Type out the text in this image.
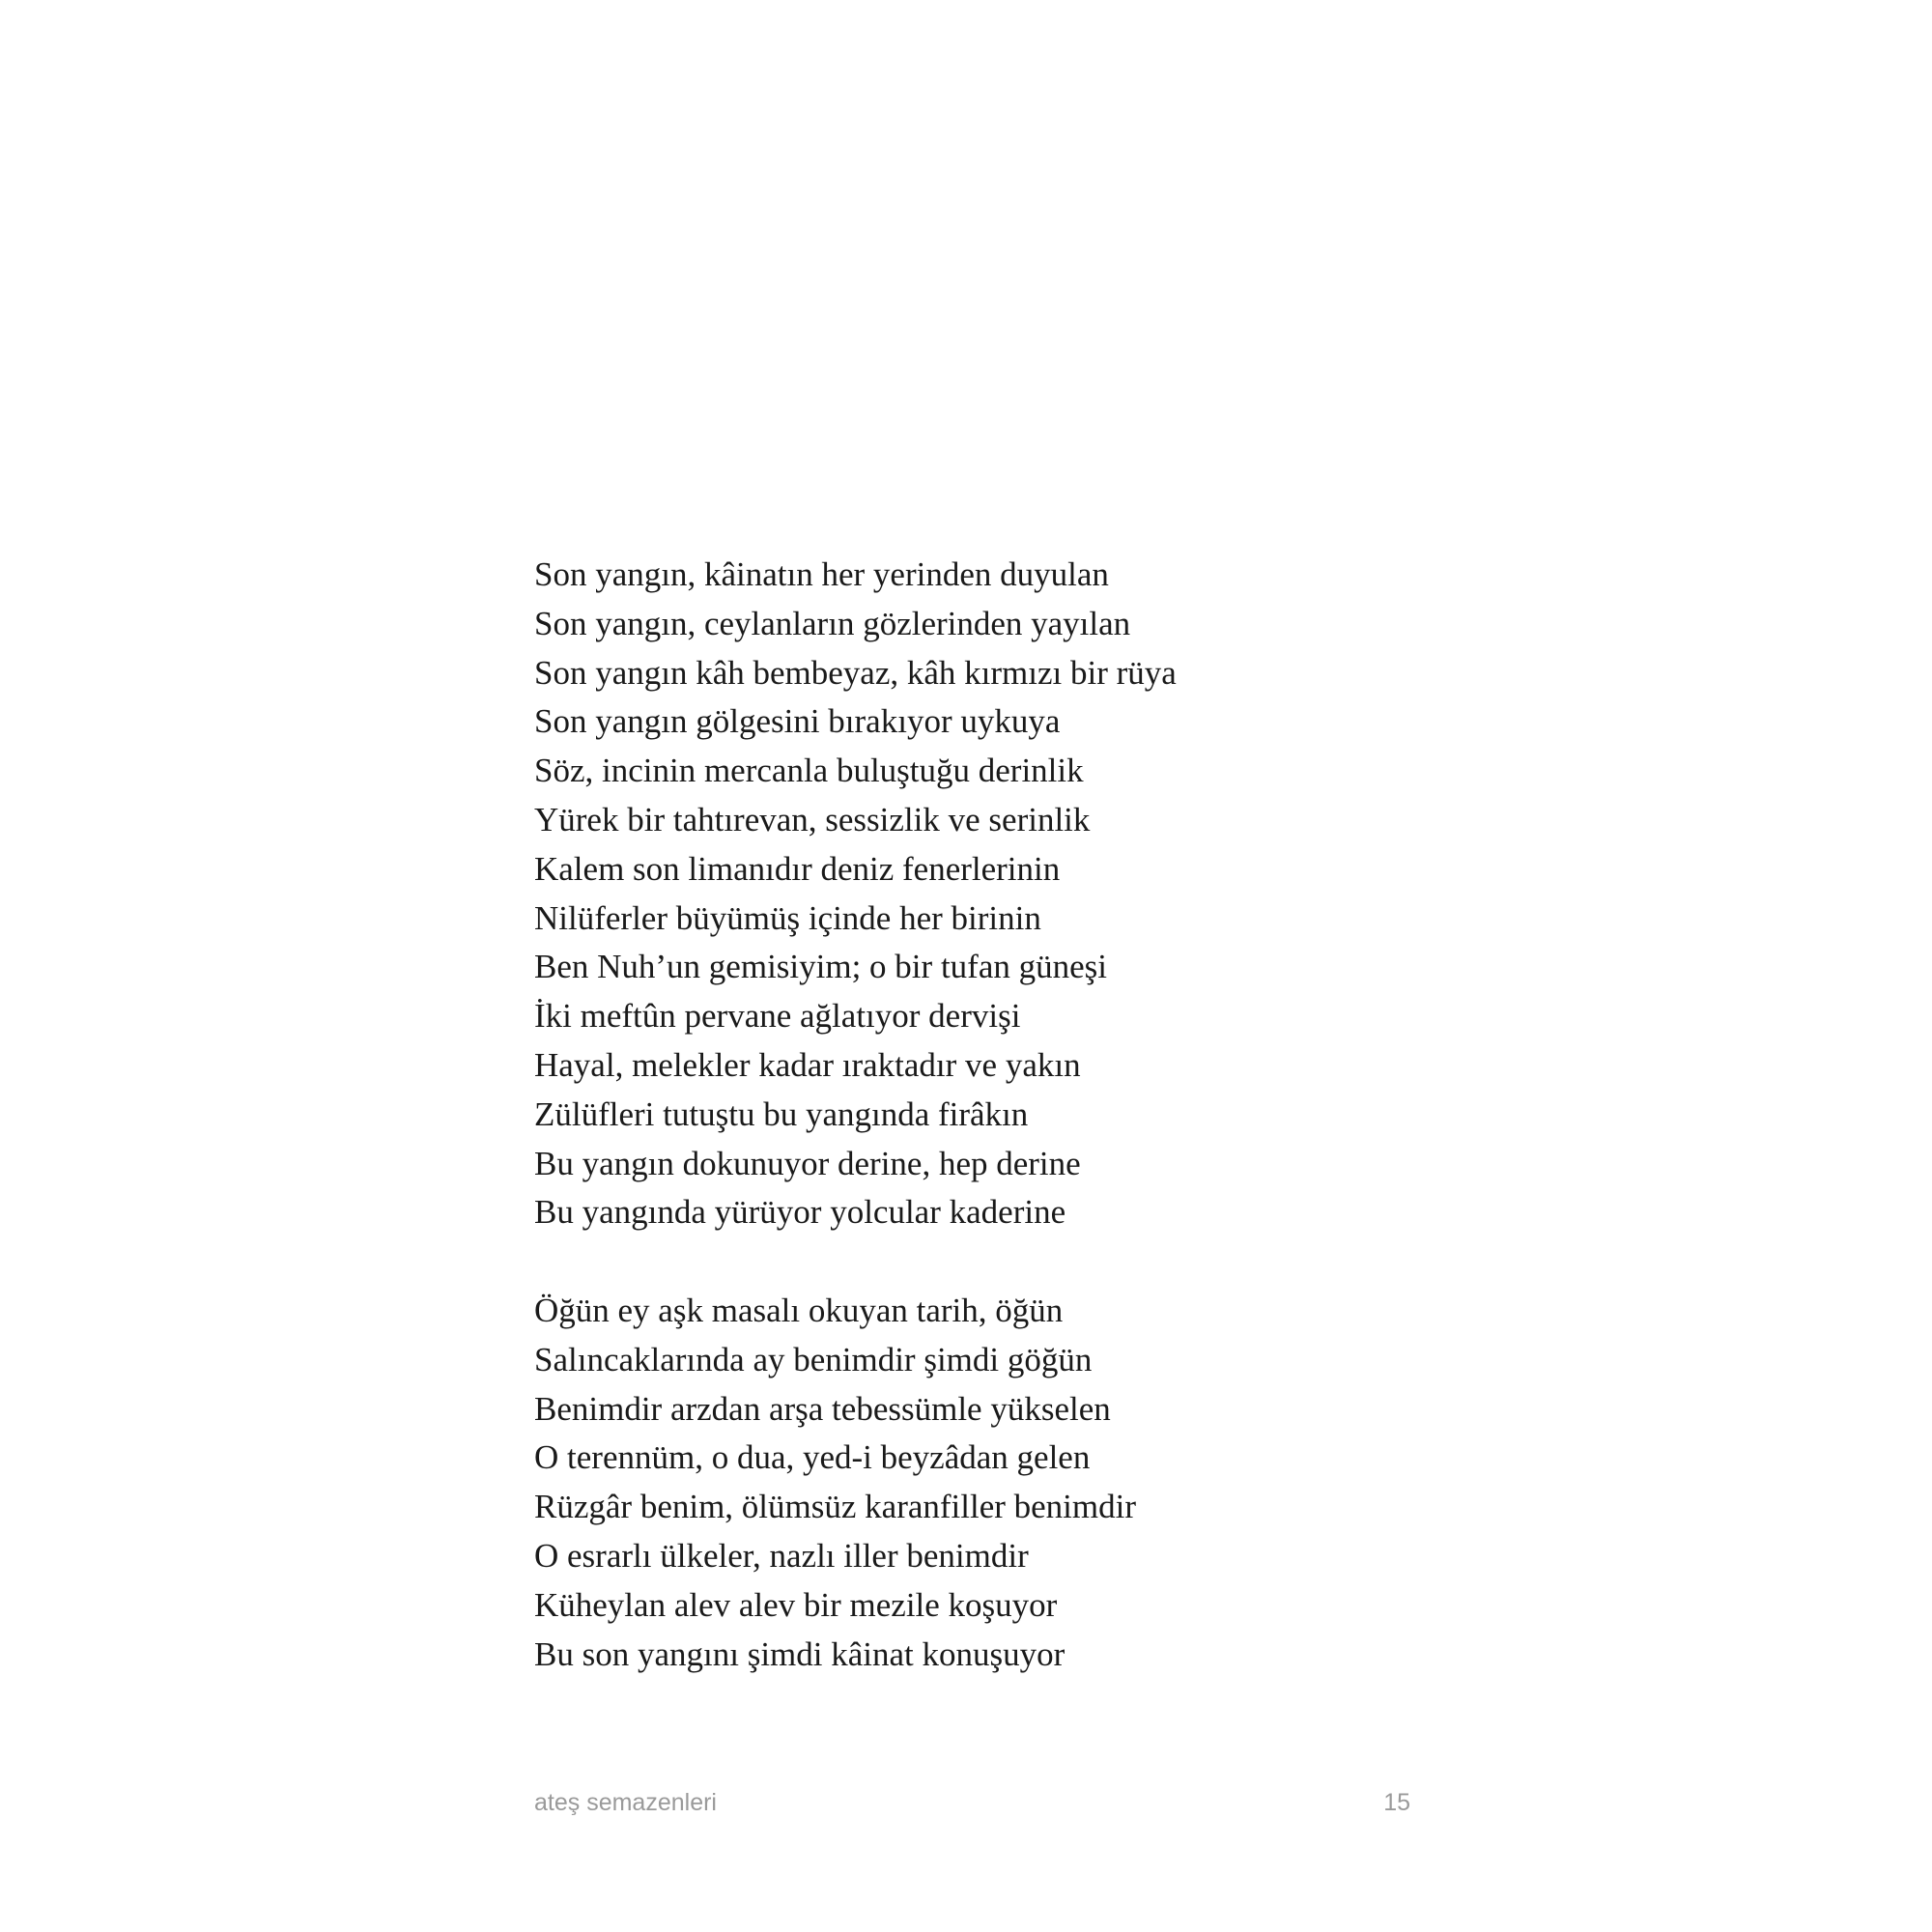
Son yangın, kâinatın her yerinden duyulan
Son yangın, ceylanların gözlerinden yayılan
Son yangın kâh bembeyaz, kâh kırmızı bir rüya
Son yangın gölgesini bırakıyor uykuya
Söz, incinin mercanla buluştuğu derinlik
Yürek bir tahtırevan, sessizlik ve serinlik
Kalem son limanıdır deniz fenerlerinin
Nilüferler büyümüş içinde her birinin
Ben Nuh’un gemisiyim; o bir tufan güneşi
İki meftûn pervane ağlatıyor dervişi
Hayal, melekler kadar ıraktadır ve yakın
Zülüfleri tutuştu bu yangında firâkın
Bu yangın dokunuyor derine, hep derine
Bu yangında yürüyor yolcular kaderine
Öğün ey aşk masalı okuyan tarih, öğün
Salıncaklarında ay benimdir şimdi göğün
Benimdir arzdan arşa tebessümle yükselen
O terennüm, o dua, yed-i beyzâdan gelen
Rüzgâr benim, ölümsüz karanfiller benimdir
O esrarlı ülkeler, nazlı iller benimdir
Küheylan alev alev bir mezile koşuyor
Bu son yangını şimdi kâinat konuşuyor
ateş semazenleri	15
